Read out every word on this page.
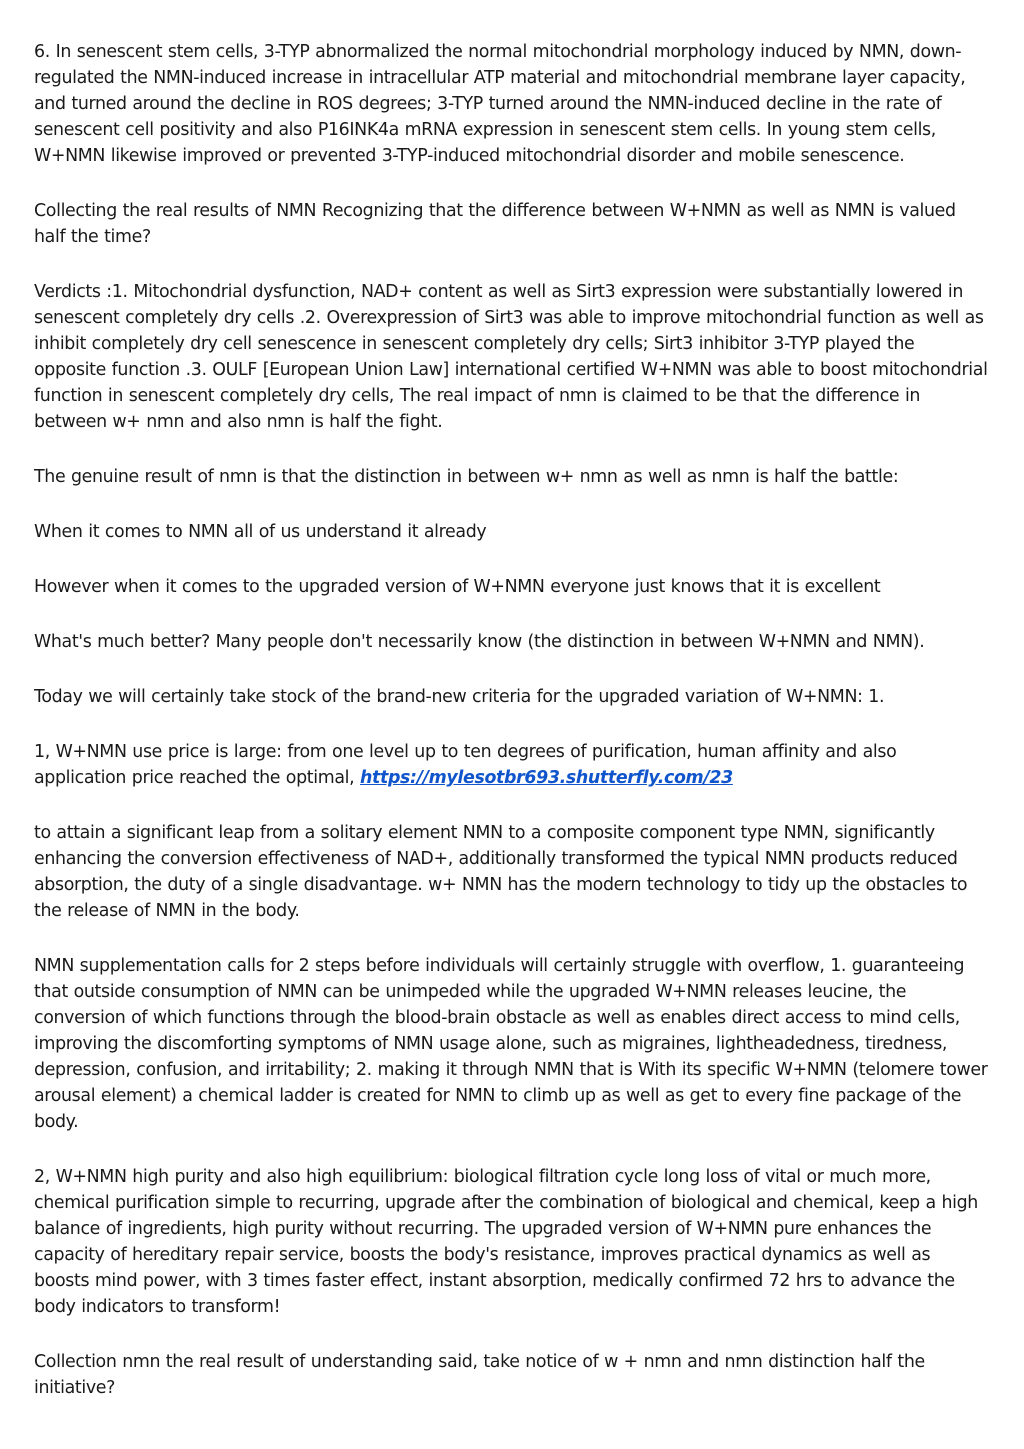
6. In senescent stem cells, 3-TYP abnormalized the normal mitochondrial morphology induced by NMN, down-regulated the NMN-induced increase in intracellular ATP material and mitochondrial membrane layer capacity, and turned around the decline in ROS degrees; 3-TYP turned around the NMN-induced decline in the rate of senescent cell positivity and also P16INK4a mRNA expression in senescent stem cells. In young stem cells, W+NMN likewise improved or prevented 3-TYP-induced mitochondrial disorder and mobile senescence.

Collecting the real results of NMN Recognizing that the difference between W+NMN as well as NMN is valued half the time?

Verdicts :1. Mitochondrial dysfunction, NAD+ content as well as Sirt3 expression were substantially lowered in senescent completely dry cells .2. Overexpression of Sirt3 was able to improve mitochondrial function as well as inhibit completely dry cell senescence in senescent completely dry cells; Sirt3 inhibitor 3-TYP played the opposite function .3. OULF [European Union Law] international certified W+NMN was able to boost mitochondrial function in senescent completely dry cells, The real impact of nmn is claimed to be that the difference in between w+ nmn and also nmn is half the fight.

The genuine result of nmn is that the distinction in between w+ nmn as well as nmn is half the battle:

When it comes to NMN all of us understand it already

However when it comes to the upgraded version of W+NMN everyone just knows that it is excellent

What's much better? Many people don't necessarily know (the distinction in between W+NMN and NMN).

Today we will certainly take stock of the brand-new criteria for the upgraded variation of W+NMN: 1.

1, W+NMN use price is large: from one level up to ten degrees of purification, human affinity and also application price reached the optimal, https://mylesotbr693.shutterfly.com/23

to attain a significant leap from a solitary element NMN to a composite component type NMN, significantly enhancing the conversion effectiveness of NAD+, additionally transformed the typical NMN products reduced absorption, the duty of a single disadvantage. w+ NMN has the modern technology to tidy up the obstacles to the release of NMN in the body.

NMN supplementation calls for 2 steps before individuals will certainly struggle with overflow, 1. guaranteeing that outside consumption of NMN can be unimpeded while the upgraded W+NMN releases leucine, the conversion of which functions through the blood-brain obstacle as well as enables direct access to mind cells, improving the discomforting symptoms of NMN usage alone, such as migraines, lightheadedness, tiredness, depression, confusion, and irritability; 2. making it through NMN that is With its specific W+NMN (telomere tower arousal element) a chemical ladder is created for NMN to climb up as well as get to every fine package of the body.

2, W+NMN high purity and also high equilibrium: biological filtration cycle long loss of vital or much more, chemical purification simple to recurring, upgrade after the combination of biological and chemical, keep a high balance of ingredients, high purity without recurring. The upgraded version of W+NMN pure enhances the capacity of hereditary repair service, boosts the body's resistance, improves practical dynamics as well as boosts mind power, with 3 times faster effect, instant absorption, medically confirmed 72 hrs to advance the body indicators to transform!

Collection nmn the real result of understanding said, take notice of w + nmn and nmn distinction half the initiative?
